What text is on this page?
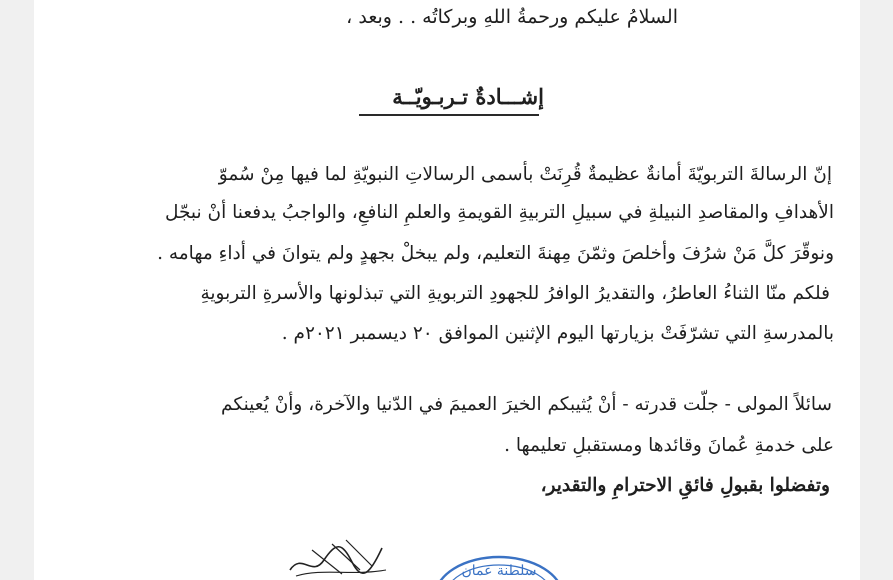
السلامُ عليكم ورحمةُ اللهِ وبركاتُه . . وبعد ،

إشـــادةٌ تـربـويّــة

إنّ الرسالةَ التربويّةَ أمانةٌ عظيمةٌ قُرِنَتْ بأسمى الرسالاتِ النبويّةِ لما فيها مِنْ سُموّ

الأهدافِ والمقاصدِ النبيلةِ في سبيلِ التربيةِ القويمةِ والعلمِ النافعِ، والواجبُ يدفعنا أنْ نبجّل

ونوقّرَ كلَّ مَنْ شرُفَ وأخلصَ وثمّنَ مِهنةَ التعليم، ولم يبخلْ بجهدٍ ولم يتوانَ في أداءِ مهامه .

فلكم منّا الثناءُ العاطرُ، والتقديرُ الوافرُ للجهودِ التربويةِ التي تبذلونها والأسرةِ التربويةِ

بالمدرسةِ التي تشرّفَتْ بزيارتها اليوم الإثنين الموافق ٢٠ ديسمبر ٢٠٢١م .

سائلاً المولى - جلّت قدرته - أنْ يُثيبكم الخيرَ العميمَ في الدّنيا والآخرة، وأنْ يُعينكم

على خدمةِ عُمانَ وقائدها ومستقبلِ تعليمها .

وتفضلوا بقبولِ فائقِ الاحترامِ والتقدير،

سلطنة عمان
